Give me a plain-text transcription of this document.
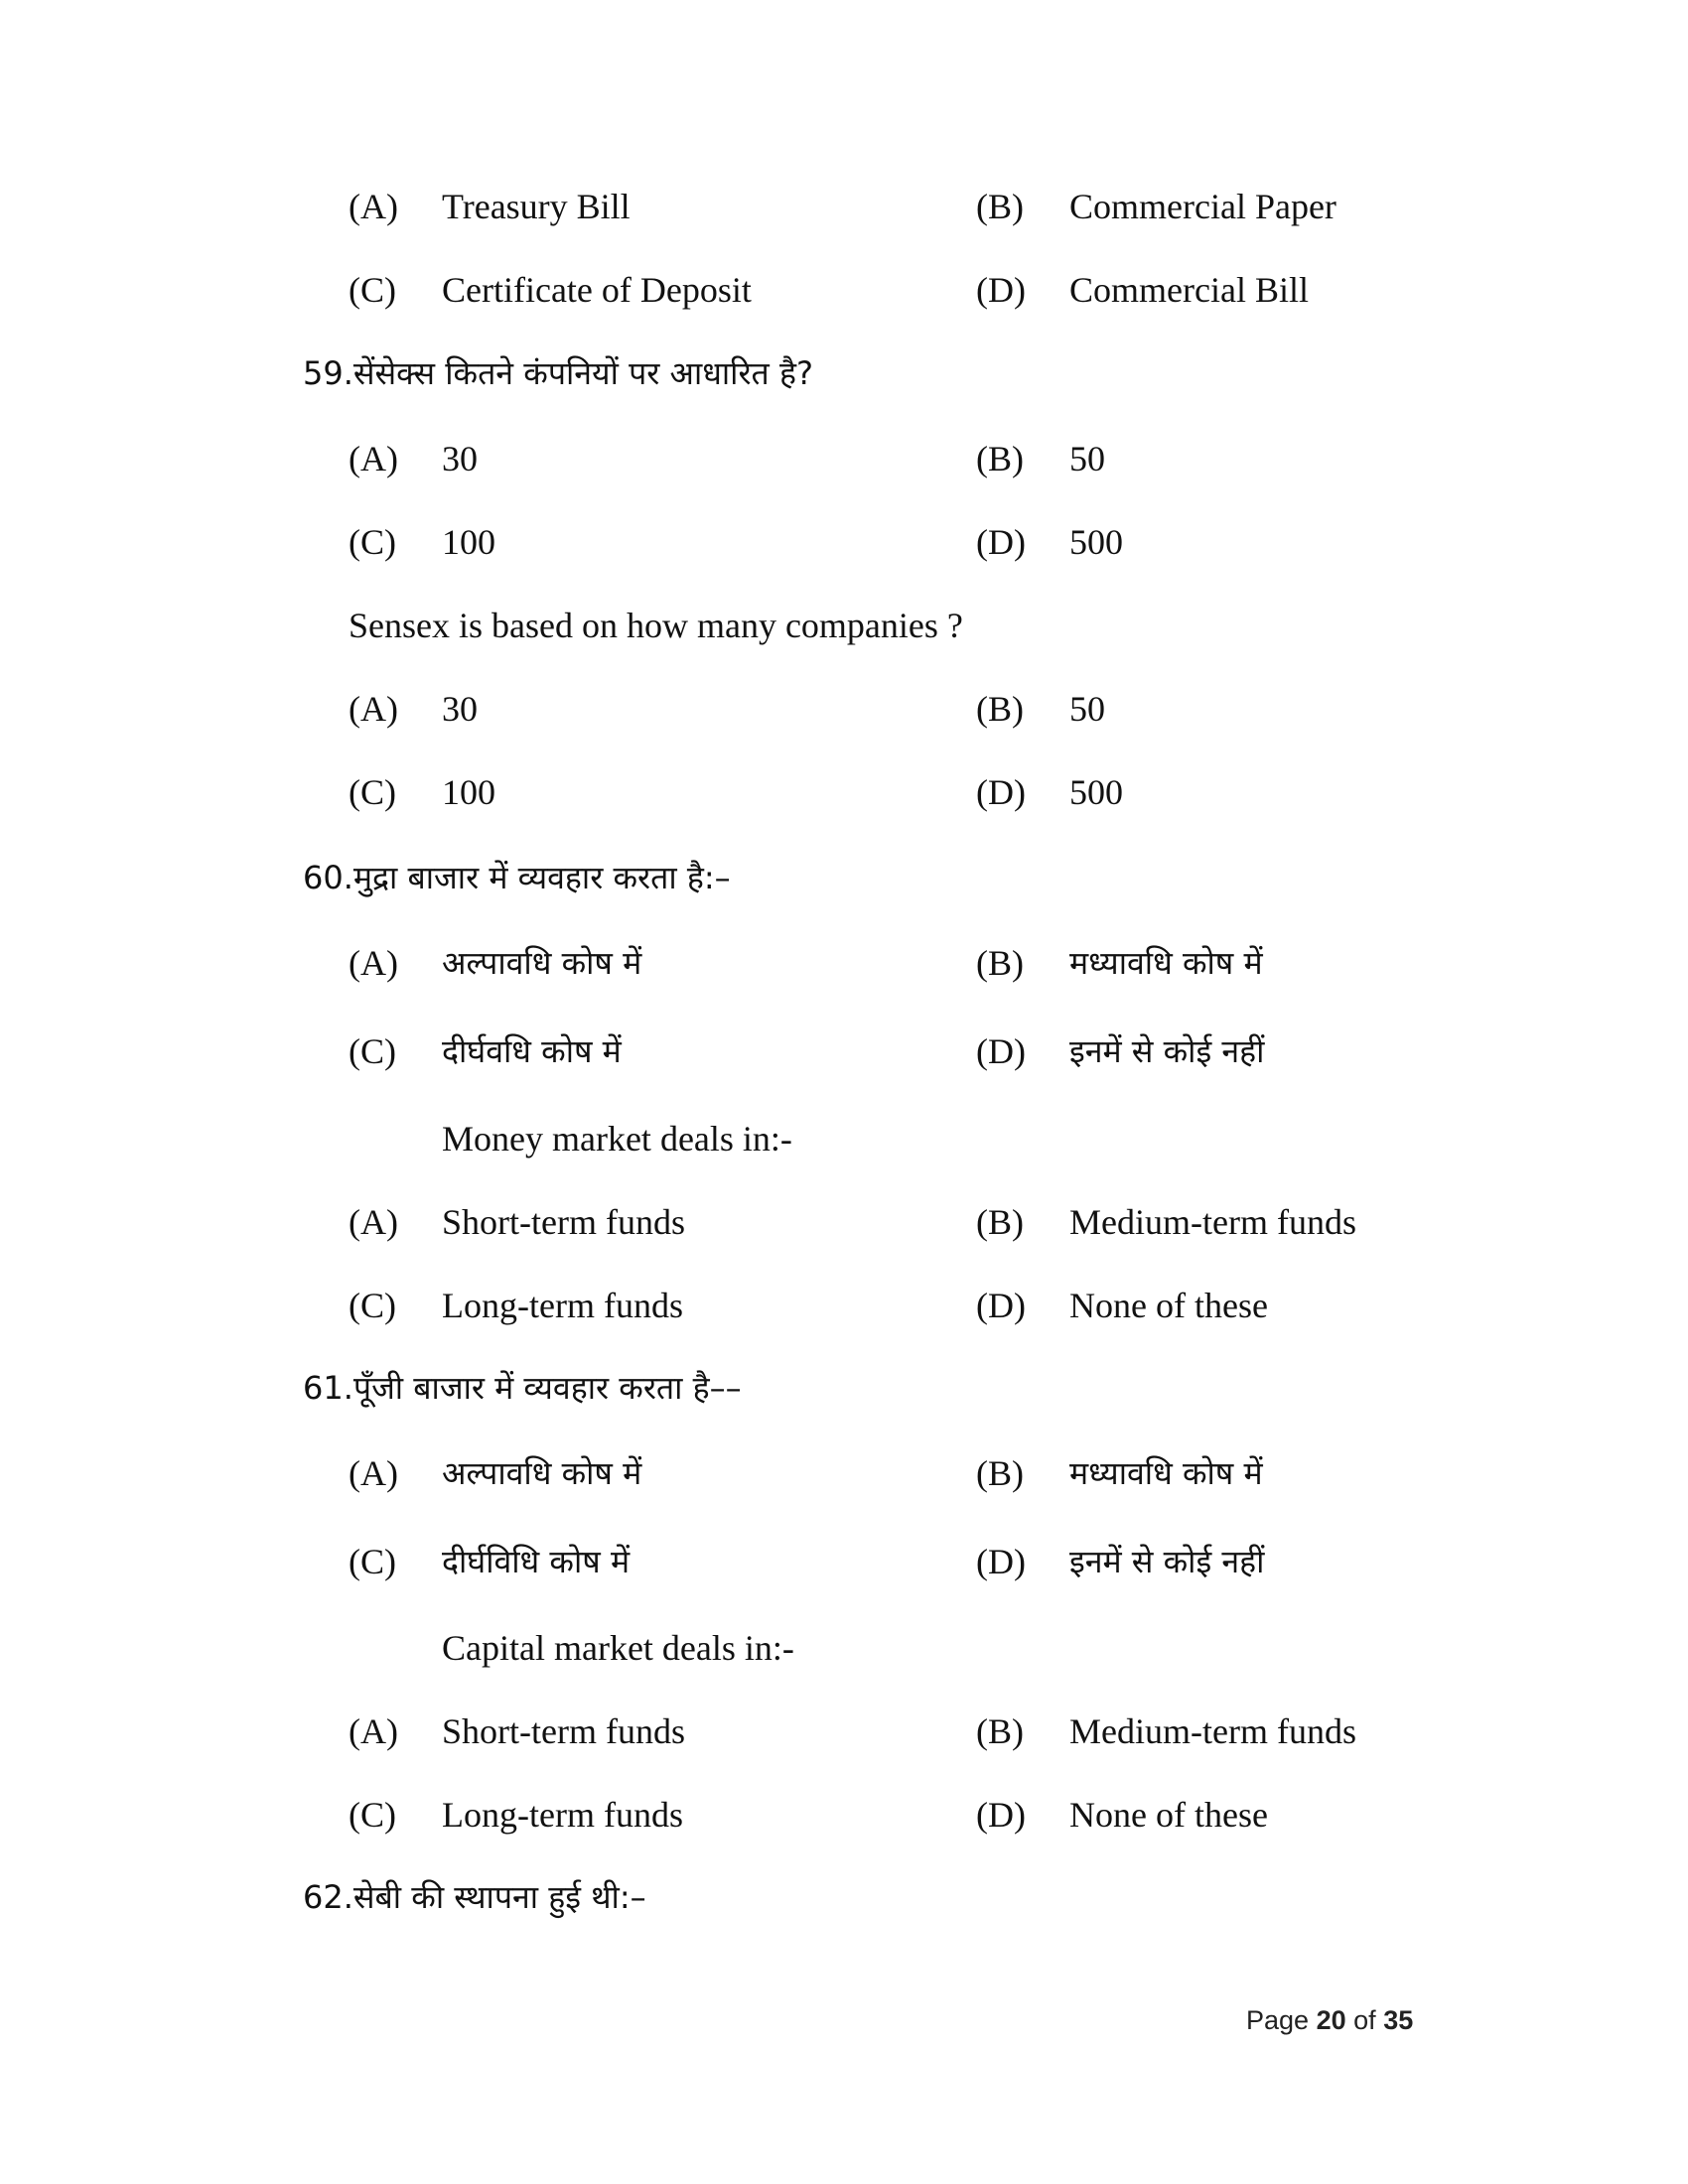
(A) Treasury Bill	(B) Commercial Paper
(C) Certificate of Deposit	(D) Commercial Bill
59.सेंसेक्स कितने कंपनियों पर आधारित है?
(A) 30	(B) 50
(C) 100	(D) 500
Sensex is based on how many companies ?
(A) 30	(B) 50
(C) 100	(D) 500
60.मुद्रा बाजार में व्यवहार करता है:–
(A) अल्पावधि कोष में	(B) मध्यावधि कोष में
(C) दीर्घवधि कोष में	(D) इनमें से कोई नहीं
Money market deals in:-
(A) Short-term funds	(B) Medium-term funds
(C) Long-term funds	(D) None of these
61.पूँजी बाजार में व्यवहार करता है––
(A) अल्पावधि कोष में	(B) मध्यावधि कोष में
(C) दीर्घविधि कोष में	(D) इनमें से कोई नहीं
Capital market deals in:-
(A) Short-term funds	(B) Medium-term funds
(C) Long-term funds	(D) None of these
62.सेबी की स्थापना हुई थी:–
Page 20 of 35
